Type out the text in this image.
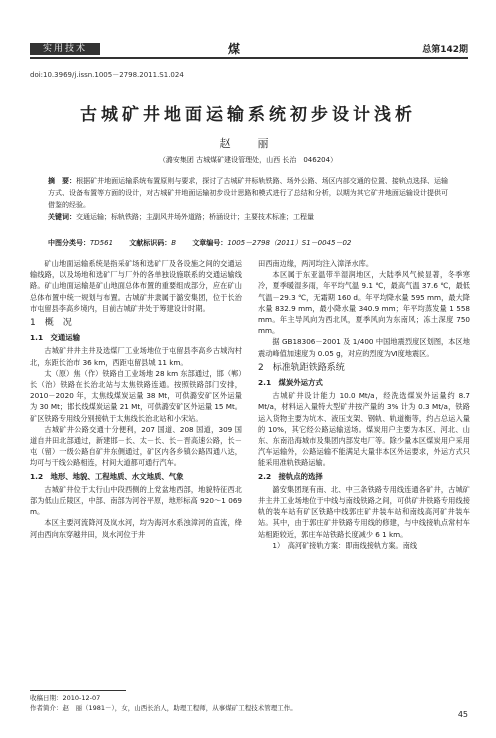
实用技术	煤	总第142期
doi:10.3969/j.issn.1005－2798.2011.S1.024
古城矿井地面运输系统初步设计浅析
赵　丽
（潞安集团 古城煤矿建设管理处，山西 长治　046204）
摘　要：根据矿井地面运输系统布置原则与要求，探讨了古城矿井标轨铁路、场外公路、场区内部交通的位置、接轨点选择、运输方式、设备布置等方面的设计，对古城矿井地面运输初步设计思路和模式进行了总结和分析，以期为其它矿井地面运输设计提供可借鉴的经验。
关键词：交通运输；标轨铁路；主副风井场外道路；桥涵设计；主要技术标准；工程量
中图分类号：TD561 文献标识码：B 文章编号：1005－2798（2011）S1－0045－02

矿山地面运输系统是指采矿场和选矿厂及各设施之间的交通运输线路，以及场地和选矿厂与厂外的各单独设施联系的交通运输线路。矿山地面运输是矿山地面总体布置的重要组成部分，应在矿山总体布置中统一规划与布置。古城矿井隶属于潞安集团，位于长治市屯留县李高乡境内，目前古城矿井处于筹建设计时期。

1　概　况
1.1　交通运输

古城矿井井主井及选煤厂工业场地位于屯留县李高乡古城沟村北，东距长治市 36 km，西距屯留县城 11 km。

太（原）焦（作）铁路自工业场地 28 km 东部通过，邯（郸）长（治）铁路在长治北站与太焦铁路连通。按照铁路部门安排，2010－2020 年，太焦线煤炭运量 38 Mt，可供潞安矿区外运量为 30 Mt；邯长线煤炭运量 21 Mt，可供潞安矿区外运量 15 Mt。矿区铁路专用线分别接轨于太焦线长治北站和小宋站。

古城矿井公路交通十分便利，207 国道、208 国道，309 国道自井田北部通过，新建邯－长、太－长、长－晋高速公路，长－屯（留）一级公路自矿井东侧通过，矿区内各乡镇公路四通八达，均可与干线公路相连，村间大道都可通行汽车。

1.2　地形、地貌、工程地质、水文地质、气象

古城矿井位于太行山中段西侧的上党盆地西部，地貌特征西北部为低山丘陵区，中部、南部为河谷平原，地形标高 920～1 069 m。

本区主要河流降河及岚水河，均为海河水系浊漳河的直流，绛河由西向东穿越井田，岚水河位于井

田西南边缘，两河均注入漳泽水库。

本区属于东亚温带半湿润地区，大陆季风气候显著，冬季寒冷，夏季暖湿多雨，年平均气温 9.1 ℃，最高气温 37.6 ℃，最低气温－29.3 ℃，无霜期 160 d。年平均降水量 595 mm，最大降水量 832.9 mm，最小降水量 340.9 mm；年平均蒸发量 1 558 mm。年主导风向为西北风，夏季风向为东南风；冻土深度 750 mm。

据 GB18306－2001 及 1/400 中国地震烈度区划图，本区地震动峰值加速度为 0.05 g，对应的烈度为Ⅵ度地震区。

2　标准轨距铁路系统
2.1　煤炭外运方式

古城矿井设计能力 10.0 Mt/a，经洗选煤炭外运量约 8.7 Mt/a，材料运入量特大型矿井按产量的 3% 计为 0.3 Mt/a，铁路运入货物主要为坑木、液压支架、钢轨、轨道衡等，约占总运入量的 10%，其它经公路运输送场。煤炭用户主要为本区、河北、山东、东南沿海城市及集团内部发电厂等。除少量本区煤炭用户采用汽车运输外，公路运输不能满足大量非本区外运要求，外运方式只能采用准轨铁路运输。

2.2　接轨点的选择

潞安集团现有南、北、中三条铁路专用线连通各矿井，古城矿井主井工业场地位于中线与南线铁路之间，可供矿井铁路专用线接轨的装车站有矿区铁路中线郭庄矿井装车站和南线高河矿井装车站。其中，由于郭庄矿井铁路专用线的修建，与中线接轨点常村车站相距较近，郭庄车站铁路长度减少 6 1 km。

1）　高河矿接轨方案：即南线接轨方案。南线

收稿日期：2010-12-07
作者简介：赵　丽（1981－），女，山西长治人，助理工程师，从事煤矿工程技术管理工作。
45
